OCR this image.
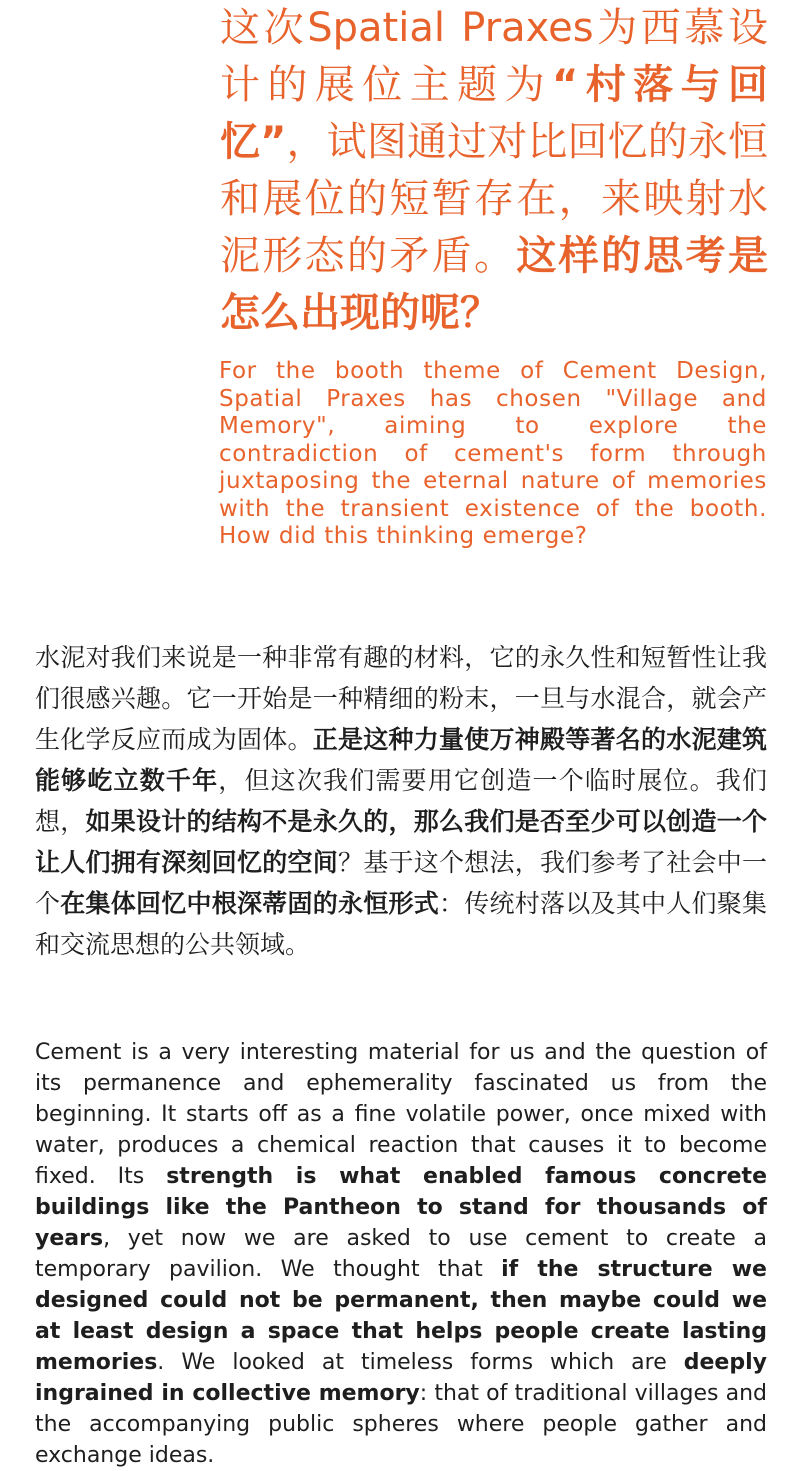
这次Spatial Praxes为西慕设计的展位主题为“村落与回忆”，试图通过对比回忆的永恒和展位的短暂存在，来映射水泥形态的矛盾。这样的思考是怎么出现的呢？

For the booth theme of Cement Design, Spatial Praxes has chosen "Village and Memory", aiming to explore the contradiction of cement's form through juxtaposing the eternal nature of memories with the transient existence of the booth. How did this thinking emerge?

水泥对我们来说是一种非常有趣的材料，它的永久性和短暂性让我们很感兴趣。它一开始是一种精细的粉末，一旦与水混合，就会产生化学反应而成为固体。正是这种力量使万神殿等著名的水泥建筑能够屹立数千年，但这次我们需要用它创造一个临时展位。我们想，如果设计的结构不是永久的，那么我们是否至少可以创造一个让人们拥有深刻回忆的空间？基于这个想法，我们参考了社会中一个在集体回忆中根深蒂固的永恒形式：传统村落以及其中人们聚集和交流思想的公共领域。

Cement is a very interesting material for us and the question of its permanence and ephemerality fascinated us from the beginning. It starts off as a fine volatile power, once mixed with water, produces a chemical reaction that causes it to become fixed. Its strength is what enabled famous concrete buildings like the Pantheon to stand for thousands of years, yet now we are asked to use cement to create a temporary pavilion. We thought that if the structure we designed could not be permanent, then maybe could we at least design a space that helps people create lasting memories. We looked at timeless forms which are deeply ingrained in collective memory: that of traditional villages and the accompanying public spheres where people gather and exchange ideas.
